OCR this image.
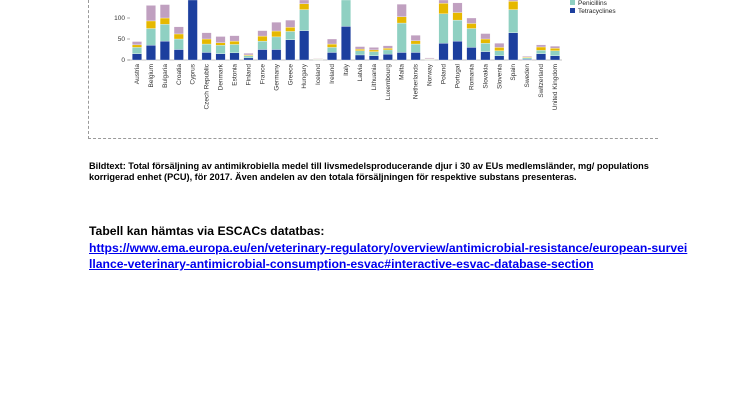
0
50
100
Austria Belgium Bulgaria Croatia Cyprus Czech Republic Denmark Estonia Finland France Germany Greece Hungary Iceland Ireland Italy Latvia Lithuania Luxembourg Malta Netherlands Norway Poland Portugal Romania Slovakia Slovenia Spain Sweden Switzerland United Kingdom
Penicillins
Tetracyclines

Bildtext: Total försäljning av antimikrobiella medel till livsmedelsproducerande djur i 30 av EUs medlemsländer, mg/ populations korrigerad enhet (PCU), för 2017. Även andelen av den totala försäljningen för respektive substans presenteras.

Tabell kan hämtas via ESCACs datatbas:

https://www.ema.europa.eu/en/veterinary-regulatory/overview/antimicrobial-resistance/european-surveillance-veterinary-antimicrobial-consumption-esvac#interactive-esvac-database-section
